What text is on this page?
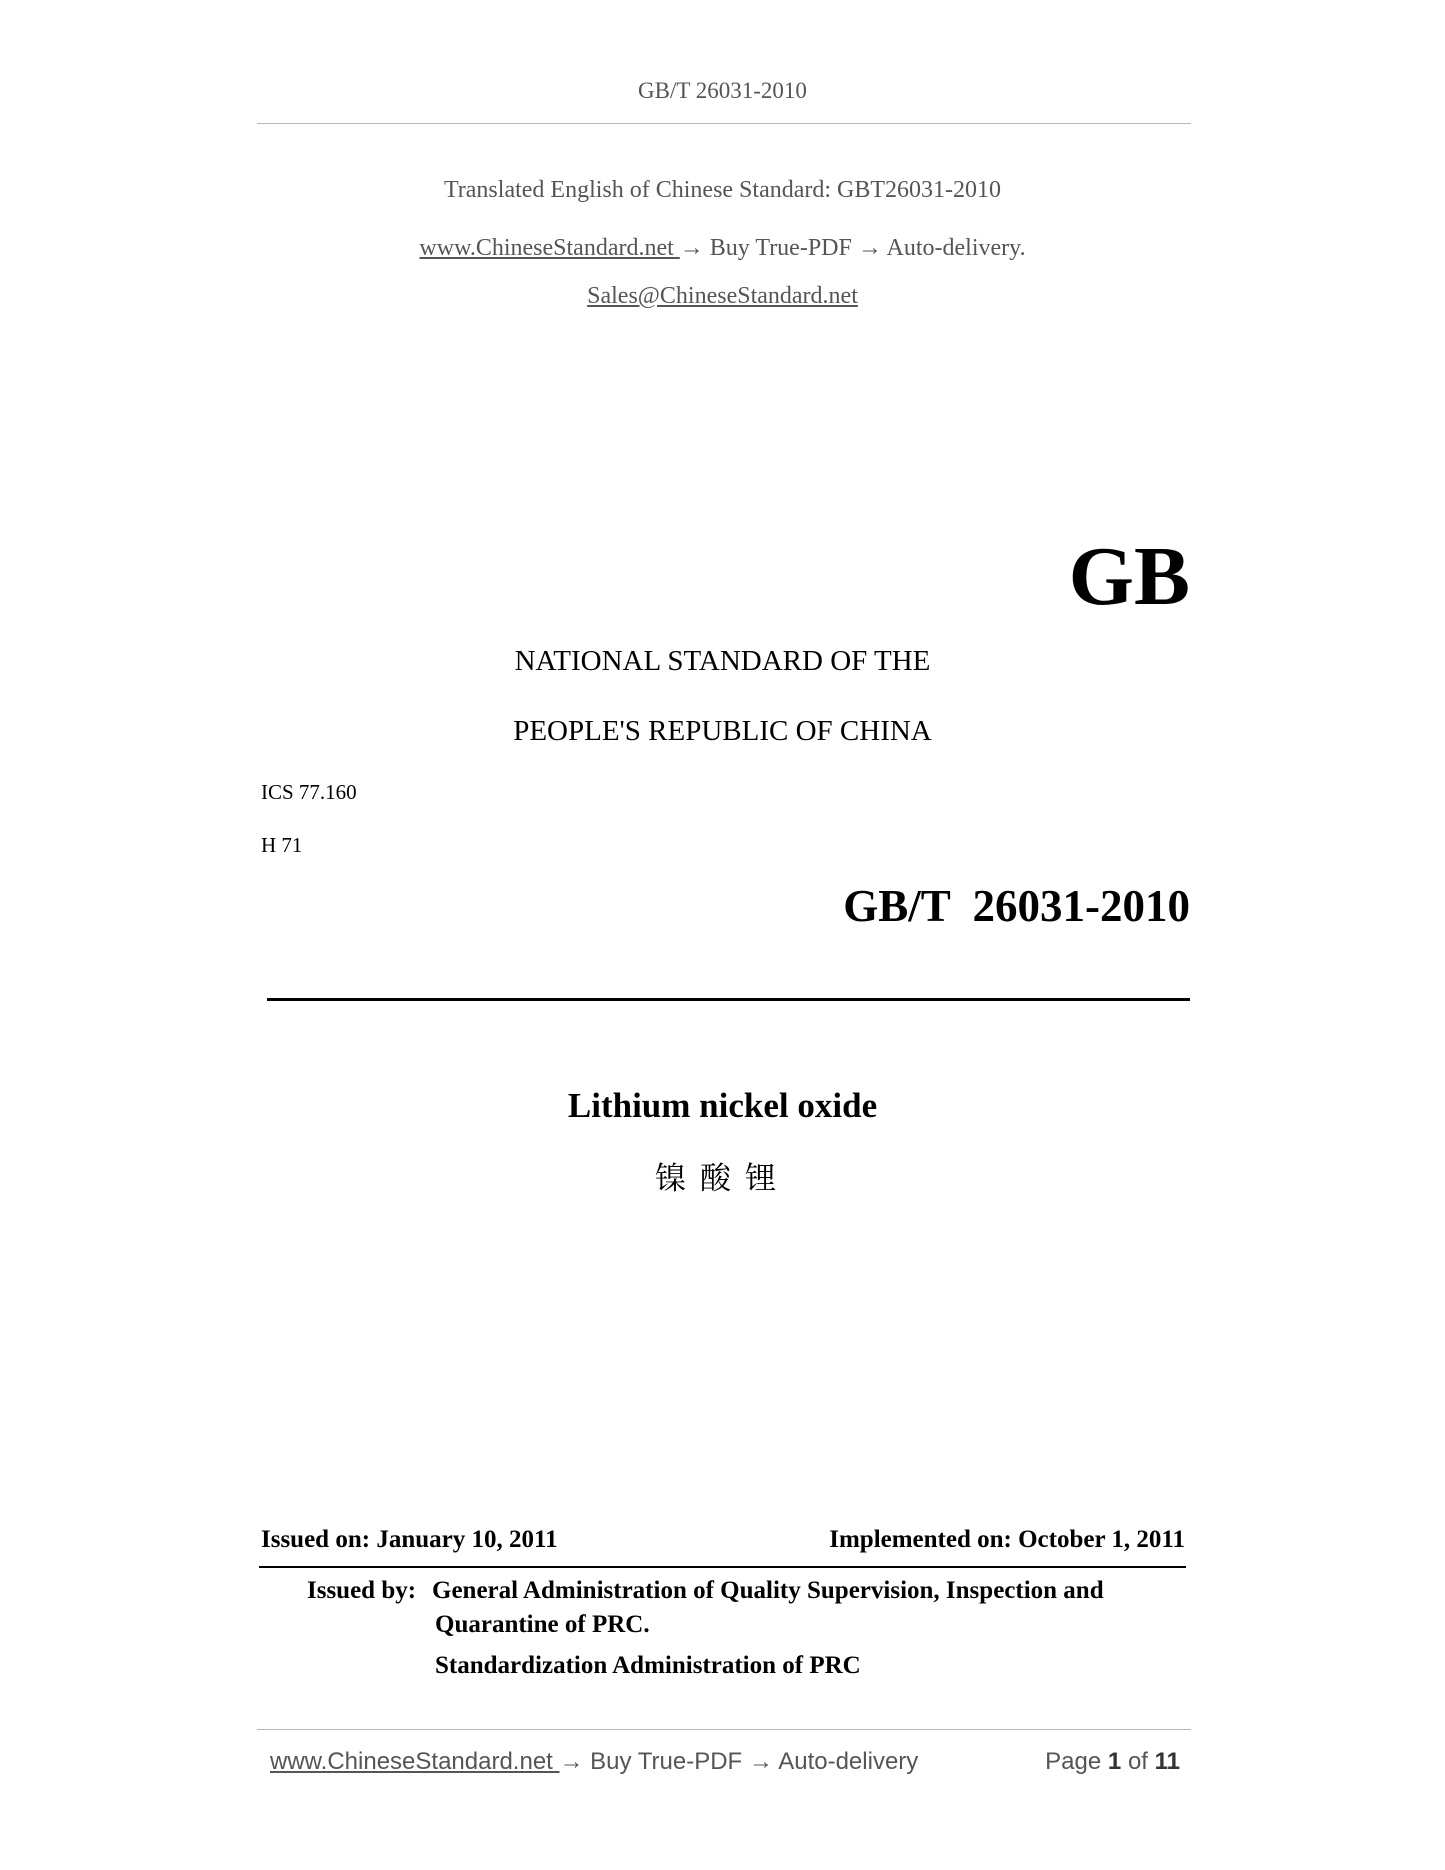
GB/T 26031-2010
Translated English of Chinese Standard: GBT26031-2010
www.ChineseStandard.net → Buy True-PDF → Auto-delivery.
Sales@ChineseStandard.net
GB
NATIONAL STANDARD OF THE
PEOPLE'S REPUBLIC OF CHINA
ICS 77.160
H 71
GB/T  26031-2010
Lithium nickel oxide
镍酸锂
Issued on: January 10, 2011	Implemented on: October 1, 2011
Issued by: General Administration of Quality Supervision, Inspection and
Quarantine of PRC.
Standardization Administration of PRC
www.ChineseStandard.net → Buy True-PDF → Auto-delivery	Page 1 of 11
